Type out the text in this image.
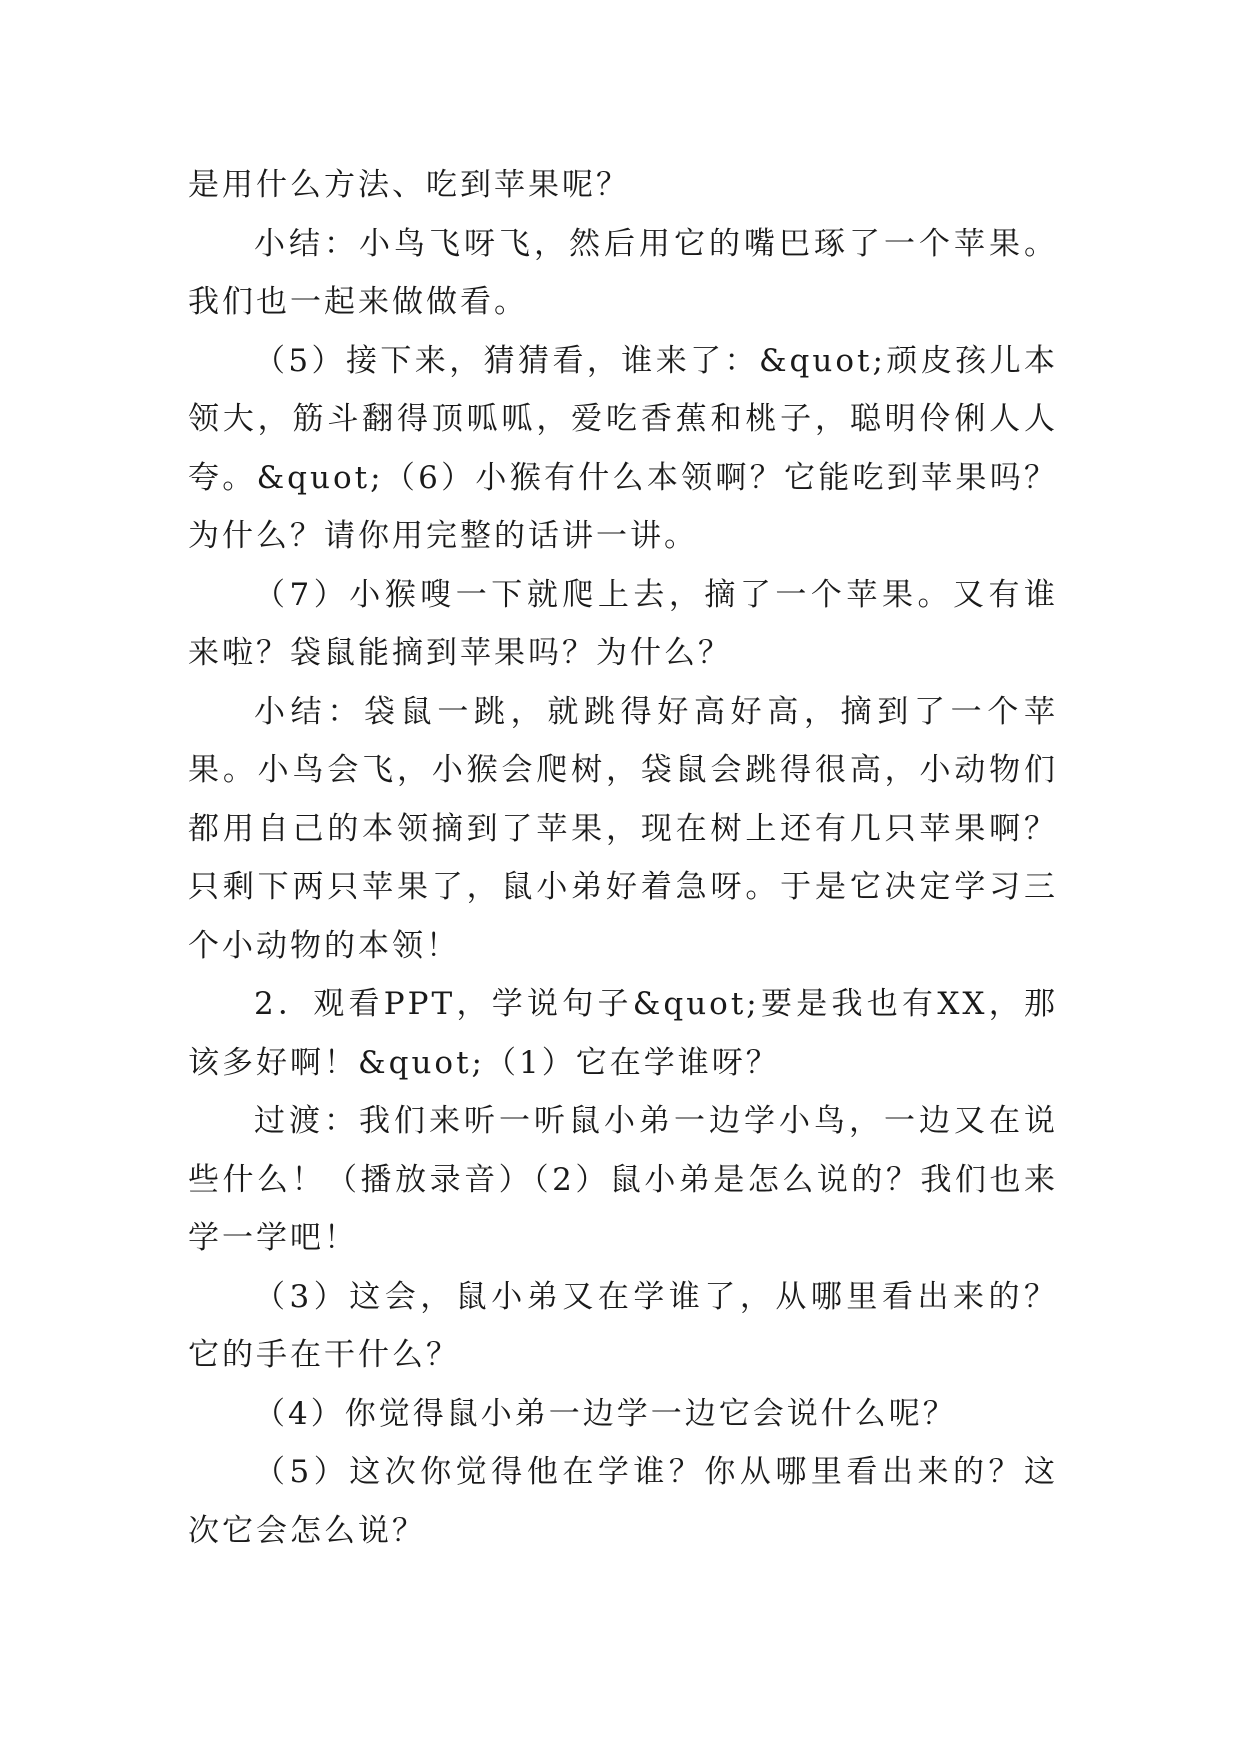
是用什么方法、吃到苹果呢？

小结：小鸟飞呀飞，然后用它的嘴巴琢了一个苹果。我们也一起来做做看。

（5）接下来，猜猜看，谁来了：&quot;顽皮孩儿本领大，筋斗翻得顶呱呱，爱吃香蕉和桃子，聪明伶俐人人夸。&quot;（6）小猴有什么本领啊？它能吃到苹果吗？为什么？请你用完整的话讲一讲。

（7）小猴嗖一下就爬上去，摘了一个苹果。又有谁来啦？袋鼠能摘到苹果吗？为什么？

小结：袋鼠一跳，就跳得好高好高，摘到了一个苹果。小鸟会飞，小猴会爬树，袋鼠会跳得很高，小动物们都用自己的本领摘到了苹果，现在树上还有几只苹果啊？只剩下两只苹果了，鼠小弟好着急呀。于是它决定学习三个小动物的本领！

2．观看PPT，学说句子&quot;要是我也有XX，那该多好啊！&quot;（1）它在学谁呀？

过渡：我们来听一听鼠小弟一边学小鸟，一边又在说些什么！（播放录音）（2）鼠小弟是怎么说的？我们也来学一学吧！

（3）这会，鼠小弟又在学谁了，从哪里看出来的？它的手在干什么？

（4）你觉得鼠小弟一边学一边它会说什么呢？

（5）这次你觉得他在学谁？你从哪里看出来的？这次它会怎么说？
